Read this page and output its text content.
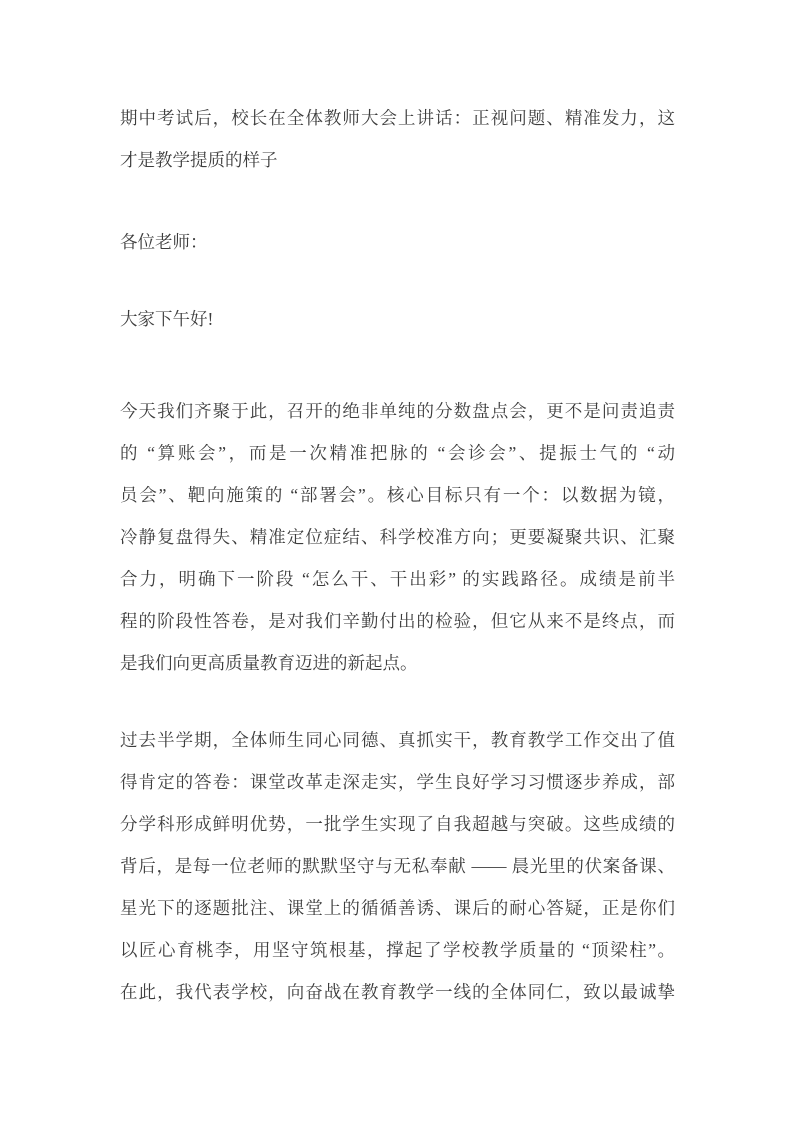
期中考试后，校长在全体教师大会上讲话：正视问题、精准发力，这
才是教学提质的样子
各位老师：
大家下午好!
今天我们齐聚于此，召开的绝非单纯的分数盘点会，更不是问责追责
的 “算账会”，而是一次精准把脉的 “会诊会”、提振士气的 “动
员会”、靶向施策的 “部署会”。核心目标只有一个：以数据为镜，
冷静复盘得失、精准定位症结、科学校准方向；更要凝聚共识、汇聚
合力，明确下一阶段 “怎么干、干出彩” 的实践路径。成绩是前半
程的阶段性答卷，是对我们辛勤付出的检验，但它从来不是终点，而
是我们向更高质量教育迈进的新起点。
过去半学期，全体师生同心同德、真抓实干，教育教学工作交出了值
得肯定的答卷：课堂改革走深走实，学生良好学习习惯逐步养成，部
分学科形成鲜明优势，一批学生实现了自我超越与突破。这些成绩的
背后，是每一位老师的默默坚守与无私奉献 —— 晨光里的伏案备课、
星光下的逐题批注、课堂上的循循善诱、课后的耐心答疑，正是你们
以匠心育桃李，用坚守筑根基，撑起了学校教学质量的 “顶梁柱”。
在此，我代表学校，向奋战在教育教学一线的全体同仁，致以最诚挚
